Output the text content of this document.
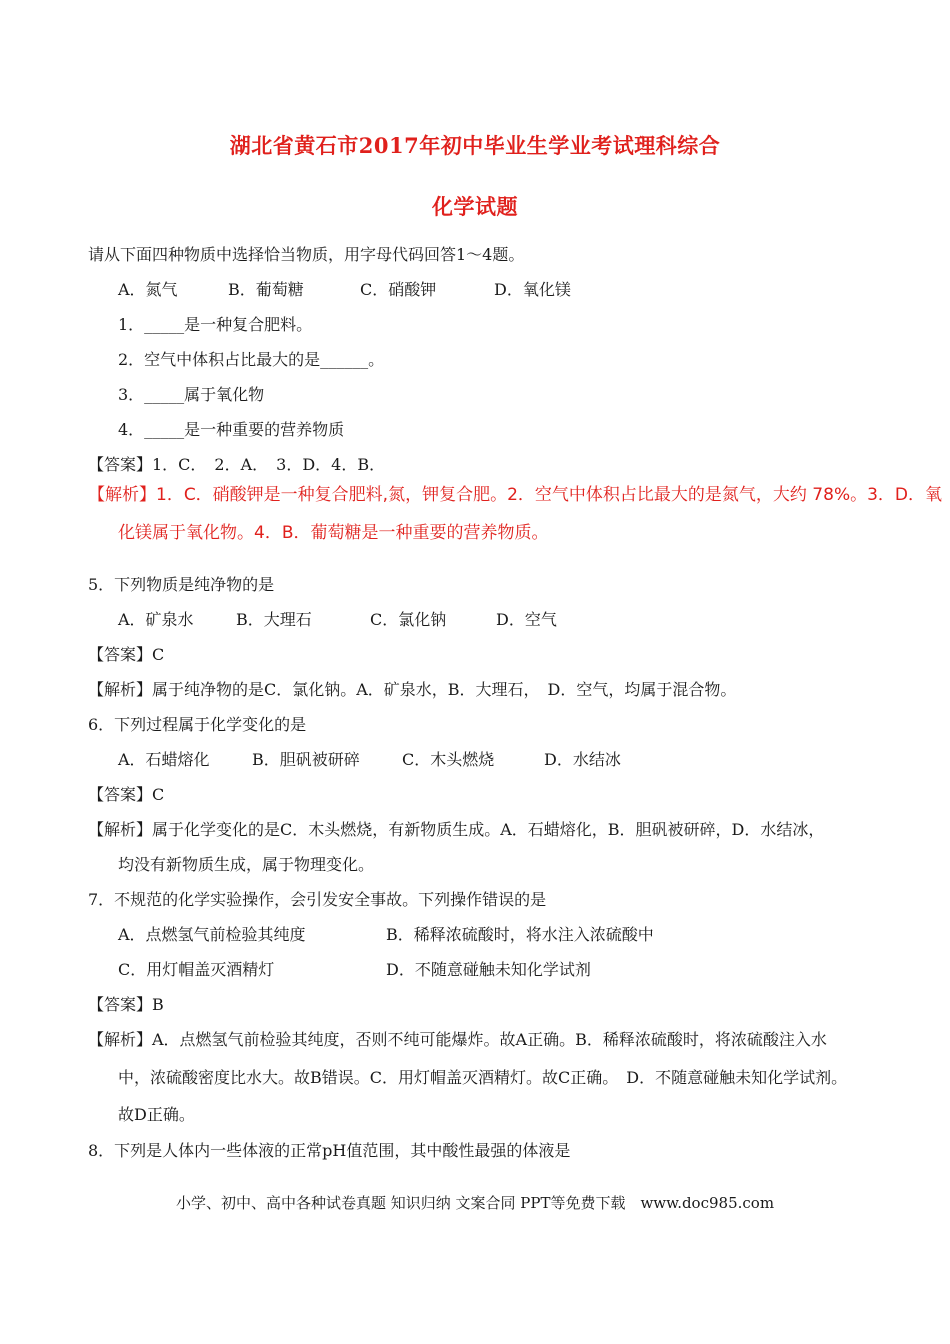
湖北省黄石市2017年初中毕业生学业考试理科综合
化学试题
请从下面四种物质中选择恰当物质，用字母代码回答1～4题。
A．氮气	B．葡萄糖	C．硝酸钾	D．氧化镁
1．_____是一种复合肥料。
2．空气中体积占比最大的是______。
3．_____属于氧化物
4．_____是一种重要的营养物质
【答案】1．C．　2．A．　3．D．4．B．
【解析】1．C．硝酸钾是一种复合肥料,氮，钾复合肥。2．空气中体积占比最大的是氮气，大约 78%。3．D．氧
化镁属于氧化物。4．B．葡萄糖是一种重要的营养物质。
5．下列物质是纯净物的是
A．矿泉水	B．大理石	C．氯化钠	D．空气
【答案】C
【解析】属于纯净物的是C．氯化钠。A．矿泉水，B．大理石，　D．空气，均属于混合物。
6．下列过程属于化学变化的是
A．石蜡熔化	B．胆矾被研碎	C．木头燃烧	D．水结冰
【答案】C
【解析】属于化学变化的是C．木头燃烧，有新物质生成。A．石蜡熔化，B．胆矾被研碎，D．水结冰，
均没有新物质生成，属于物理变化。
7．不规范的化学实验操作，会引发安全事故。下列操作错误的是
A．点燃氢气前检验其纯度	B．稀释浓硫酸时，将水注入浓硫酸中
C．用灯帽盖灭酒精灯	D．不随意碰触未知化学试剂
【答案】B
【解析】A．点燃氢气前检验其纯度，否则不纯可能爆炸。故A正确。B．稀释浓硫酸时，将浓硫酸注入水
中，浓硫酸密度比水大。故B错误。C．用灯帽盖灭酒精灯。故C正确。　D．不随意碰触未知化学试剂。
故D正确。
8．下列是人体内一些体液的正常pH值范围，其中酸性最强的体液是
小学、初中、高中各种试卷真题 知识归纳 文案合同 PPT等免费下载　www.doc985.com
